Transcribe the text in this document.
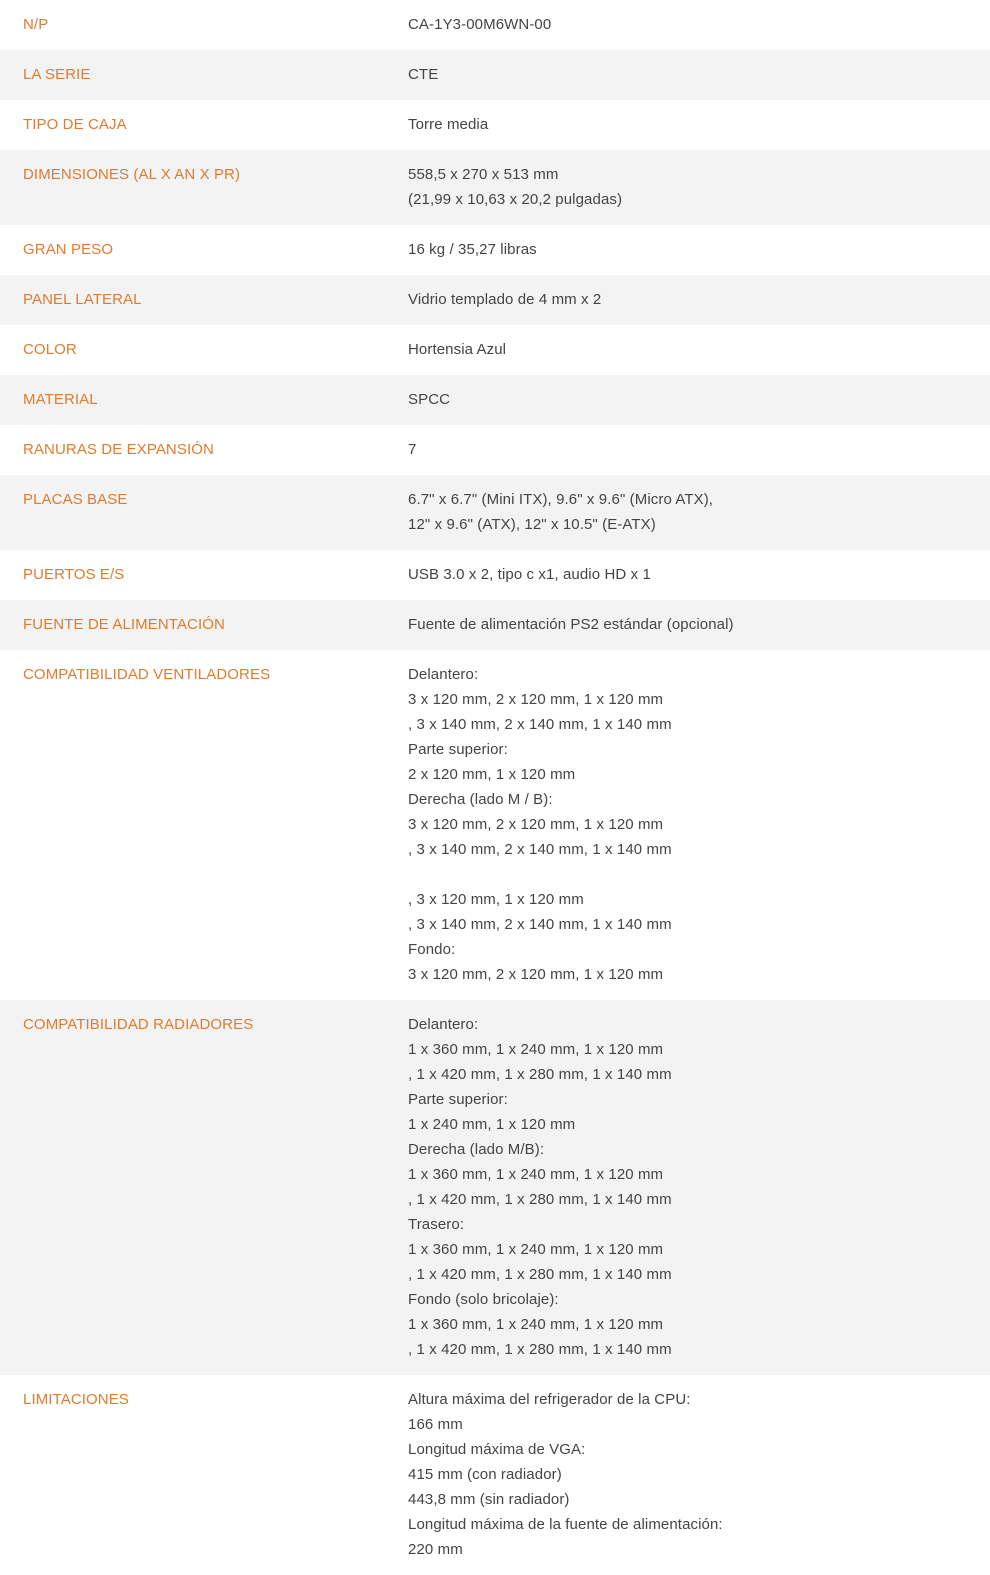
N/P	CA-1Y3-00M6WN-00
LA SERIE	CTE
TIPO DE CAJA	Torre media
DIMENSIONES (AL X AN X PR)	558,5 x 270 x 513 mm
(21,99 x 10,63 x 20,2 pulgadas)
GRAN PESO	16 kg / 35,27 libras
PANEL LATERAL	Vidrio templado de 4 mm x 2
COLOR	Hortensia Azul
MATERIAL	SPCC
RANURAS DE EXPANSIÓN	7
PLACAS BASE	6.7" x 6.7" (Mini ITX), 9.6" x 9.6" (Micro ATX),
12" x 9.6" (ATX), 12" x 10.5" (E-ATX)
PUERTOS E/S	USB 3.0 x 2, tipo c x1, audio HD x 1
FUENTE DE ALIMENTACIÓN	Fuente de alimentación PS2 estándar (opcional)
COMPATIBILIDAD VENTILADORES	Delantero:
3 x 120 mm, 2 x 120 mm, 1 x 120 mm
, 3 x 140 mm, 2 x 140 mm, 1 x 140 mm
Parte superior:
2 x 120 mm, 1 x 120 mm
Derecha (lado M / B):
3 x 120 mm, 2 x 120 mm, 1 x 120 mm
, 3 x 140 mm, 2 x 140 mm, 1 x 140 mm
, 3 x 120 mm, 1 x 120 mm
, 3 x 140 mm, 2 x 140 mm, 1 x 140 mm
Fondo:
3 x 120 mm, 2 x 120 mm, 1 x 120 mm
COMPATIBILIDAD RADIADORES	Delantero:
1 x 360 mm, 1 x 240 mm, 1 x 120 mm
, 1 x 420 mm, 1 x 280 mm, 1 x 140 mm
Parte superior:
1 x 240 mm, 1 x 120 mm
Derecha (lado M/B):
1 x 360 mm, 1 x 240 mm, 1 x 120 mm
, 1 x 420 mm, 1 x 280 mm, 1 x 140 mm
Trasero:
1 x 360 mm, 1 x 240 mm, 1 x 120 mm
, 1 x 420 mm, 1 x 280 mm, 1 x 140 mm
Fondo (solo bricolaje):
1 x 360 mm, 1 x 240 mm, 1 x 120 mm
, 1 x 420 mm, 1 x 280 mm, 1 x 140 mm
LIMITACIONES	Altura máxima del refrigerador de la CPU:
166 mm
Longitud máxima de VGA:
415 mm (con radiador)
443,8 mm (sin radiador)
Longitud máxima de la fuente de alimentación:
220 mm
